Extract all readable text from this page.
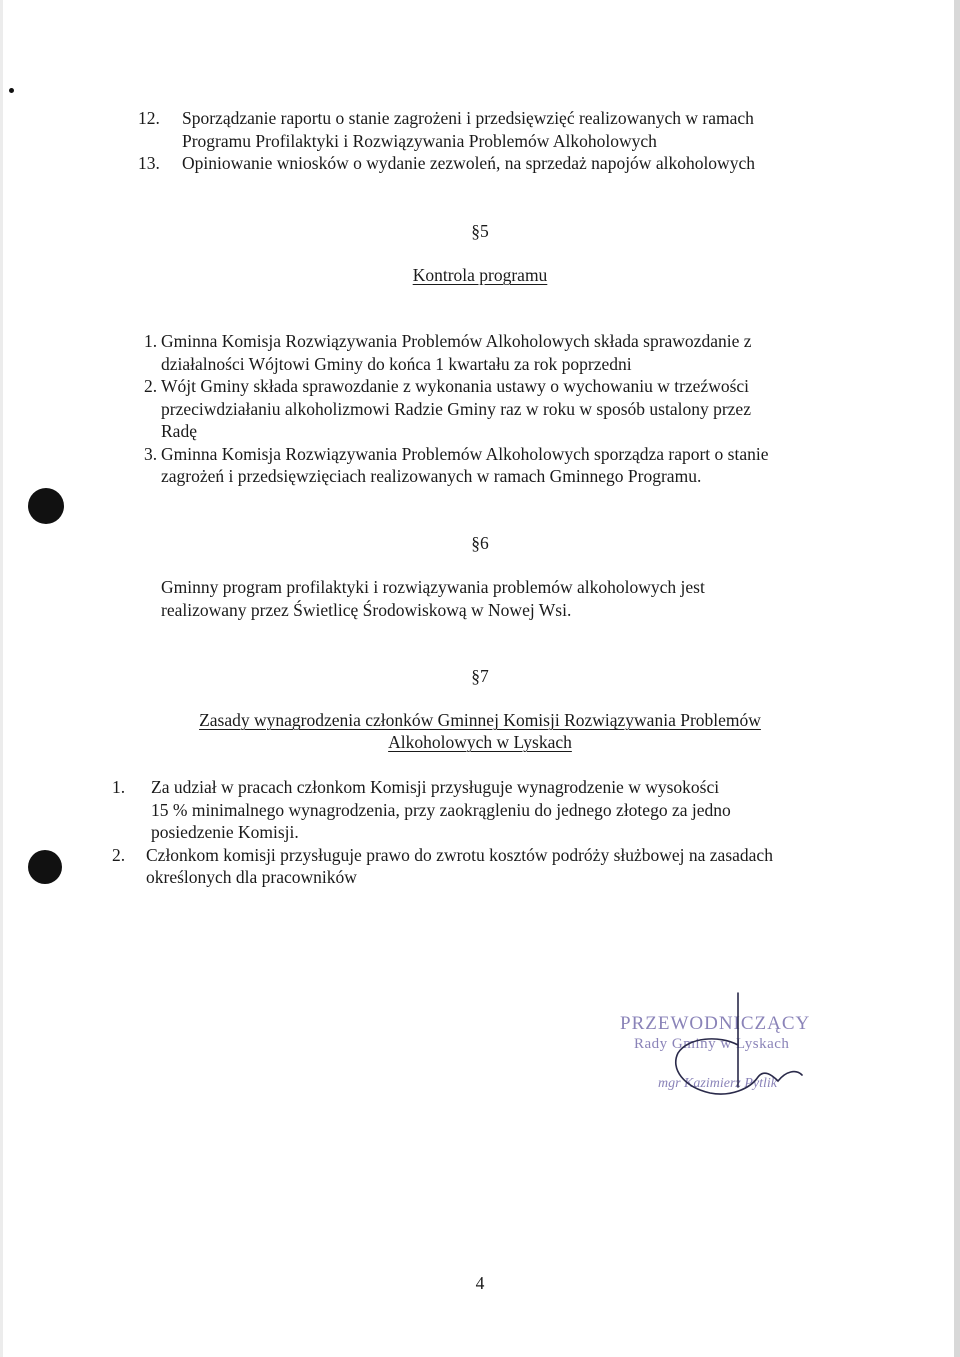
12. Sporządzanie raportu o stanie zagrożeni i przedsięwzięć realizowanych w ramach
Programu Profilaktyki i Rozwiązywania Problemów Alkoholowych
13. Opiniowanie wniosków o wydanie zezwoleń, na sprzedaż napojów alkoholowych
§5
Kontrola programu
1. Gminna Komisja Rozwiązywania Problemów Alkoholowych składa sprawozdanie z
działalności Wójtowi Gminy do końca 1 kwartału za rok poprzedni
2. Wójt Gminy składa sprawozdanie z wykonania ustawy o wychowaniu w trzeźwości
przeciwdziałaniu alkoholizmowi Radzie Gminy raz w roku w sposób ustalony przez
Radę
3. Gminna Komisja Rozwiązywania Problemów Alkoholowych sporządza raport o stanie
zagrożeń i przedsięwzięciach realizowanych w ramach Gminnego Programu.
§6
Gminny program profilaktyki i rozwiązywania problemów alkoholowych jest
realizowany przez Świetlicę Środowiskową w Nowej Wsi.
§7
Zasady wynagrodzenia członków Gminnej Komisji Rozwiązywania Problemów
Alkoholowych w Lyskach
1. Za udział w pracach członkom Komisji przysługuje wynagrodzenie w wysokości
15 % minimalnego wynagrodzenia, przy zaokrągleniu do jednego złotego za jedno
posiedzenie Komisji.
2. Członkom komisji przysługuje prawo do zwrotu kosztów podróży służbowej na zasadach
określonych dla pracowników
PRZEWODNICZĄCY
Rady Gminy w Lyskach
mgr Kazimierz Pytlik
4
